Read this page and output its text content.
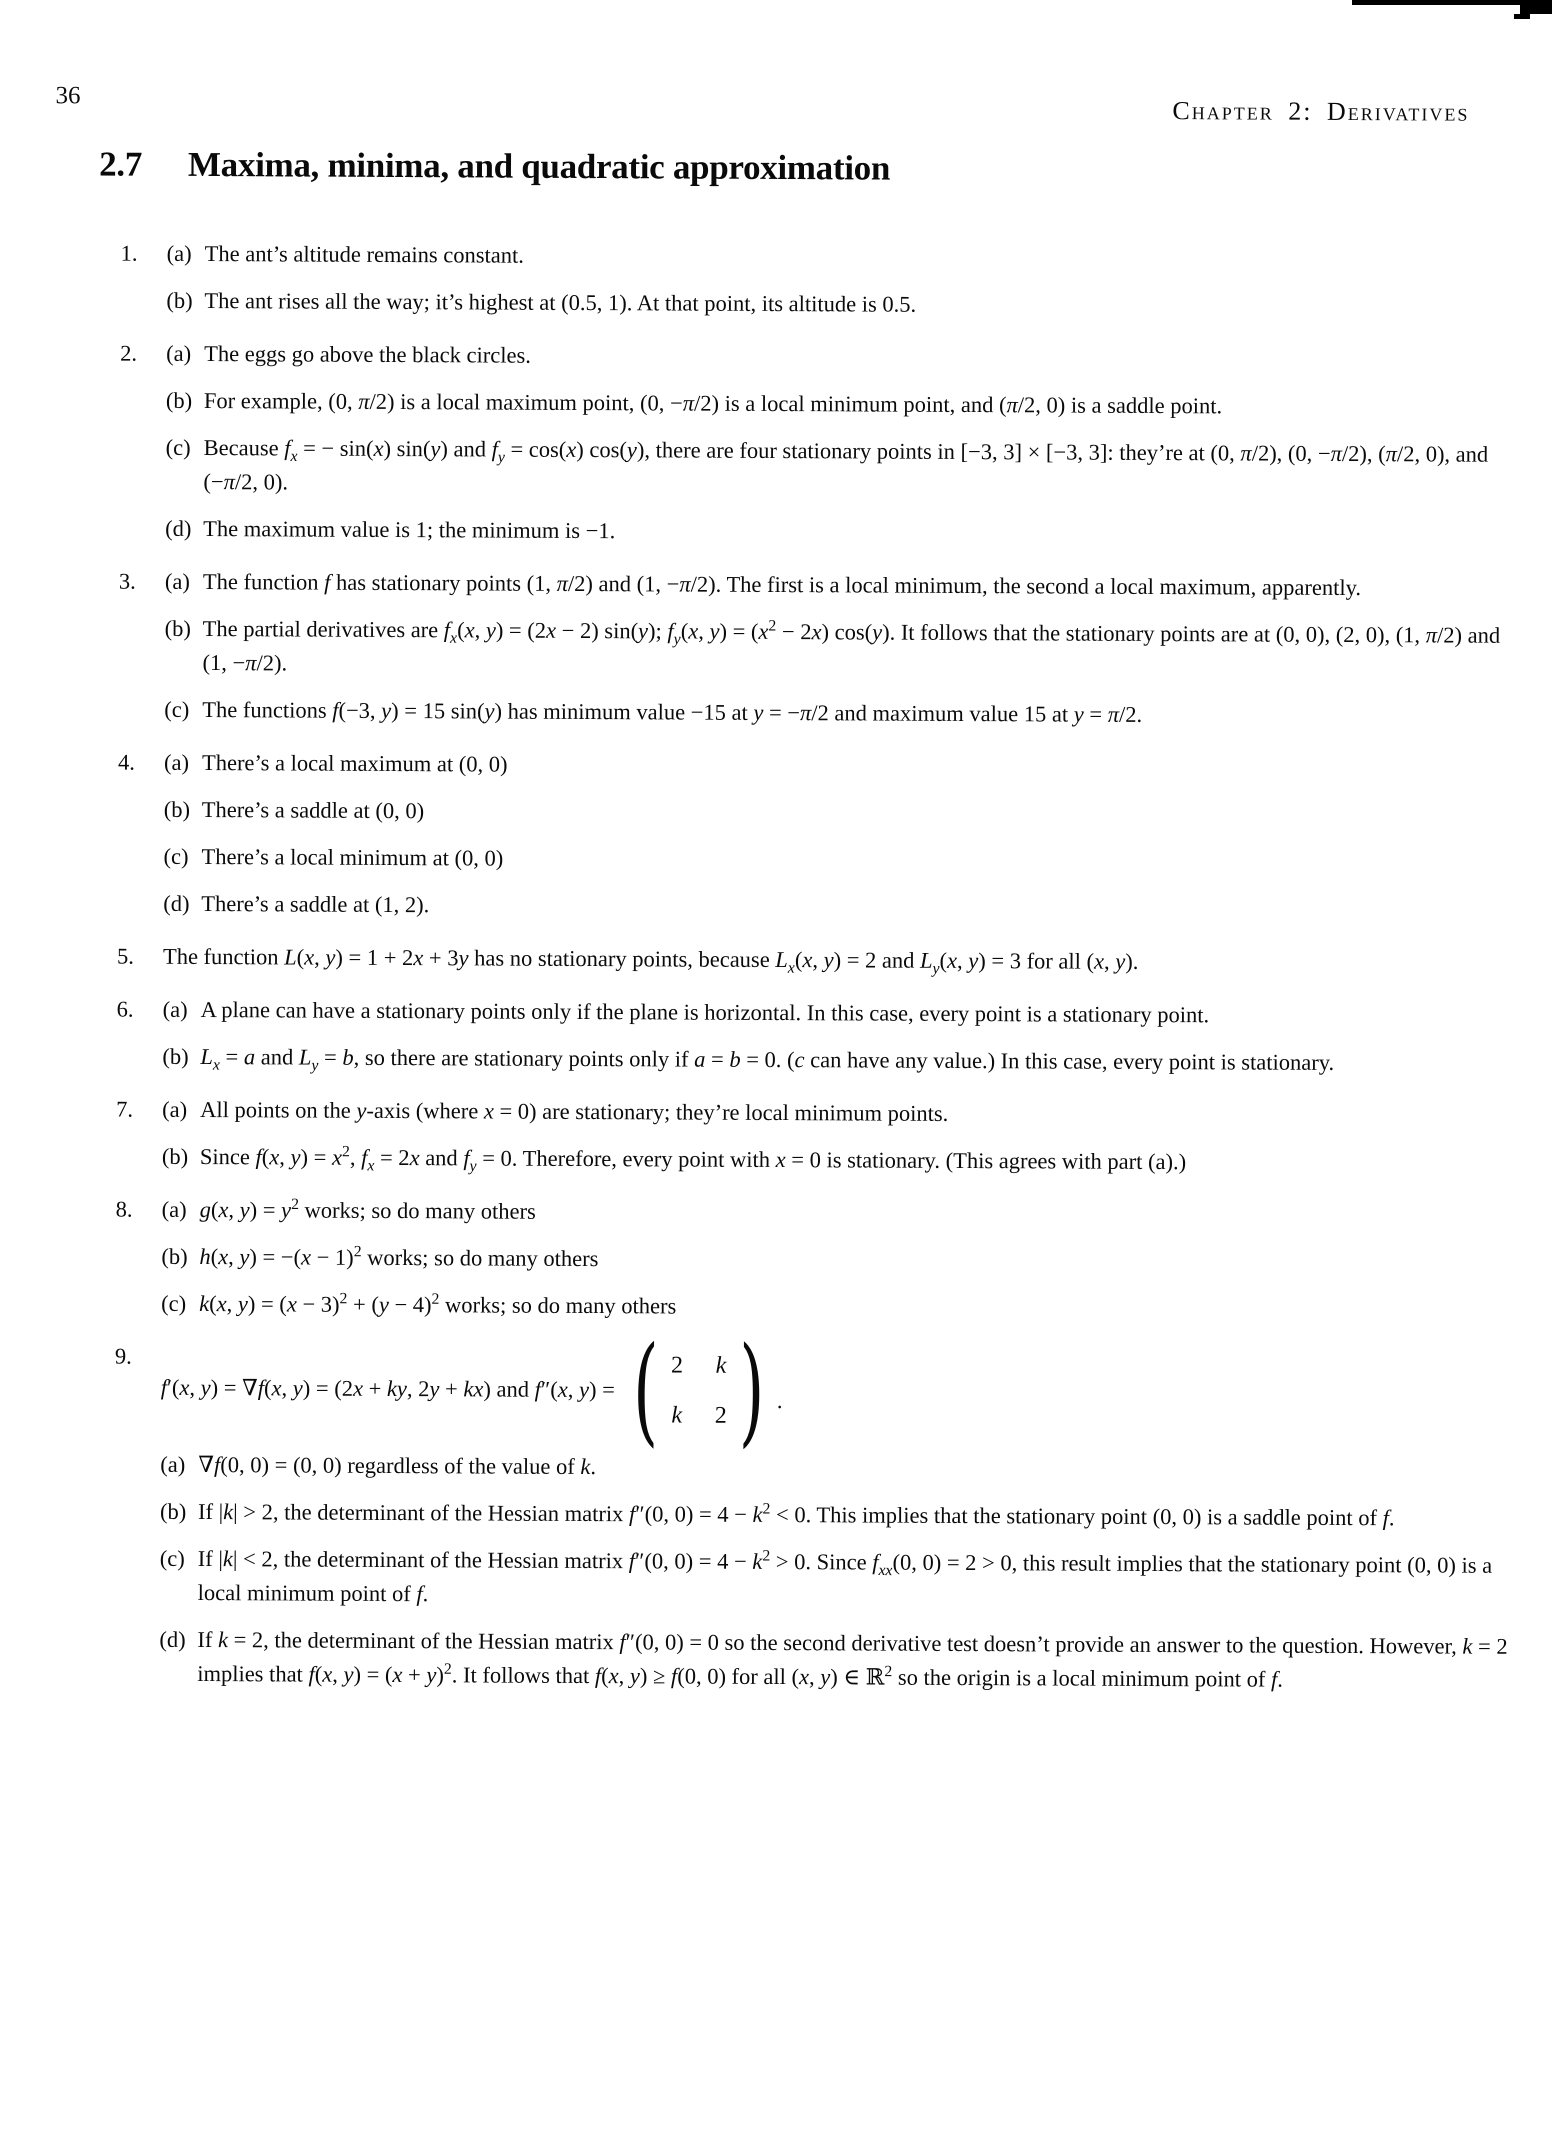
36
Chapter 2: Derivatives
2.7 Maxima, minima, and quadratic approximation
1.	(a) The ant’s altitude remains constant.
(b) The ant rises all the way; it’s highest at (0.5, 1). At that point, its altitude is 0.5.
2.	(a) The eggs go above the black circles.
(b) For example, (0, π/2) is a local maximum point, (0, −π/2) is a local minimum point, and (π/2, 0) is a saddle point.
(c) Because $f_x$ = − sin(x) sin(y) and $f_y = \cos(x)$ cos(y), there are four stationary points in [−3, 3] × [−3, 3]: they’re at (0, π/2), (0, −π/2), (π/2, 0), and (−π/2, 0).
(d) The maximum value is 1; the minimum is −1.
3.	(a) The function f has stationary points (1, π/2) and (1, −π/2). The first is a local minimum, the second a local maximum, apparently.
(b) The partial derivatives are $f_x(x$, y) = (2x − 2) sin(y); $f_y(x$, $y) = (x^2 - 2x)$ cos(y). It follows that the stationary points are at (0, 0), (2, 0), (1, π/2) and (1, −π/2).
(c) The functions f(−3, y) = 15 sin(y) has minimum value −15 at y = −π/2 and maximum value 15 at y = π/2.
4.	(a) There’s a local maximum at (0, 0)
(b) There’s a saddle at (0, 0)
(c) There’s a local minimum at (0, 0)
(d) There’s a saddle at (1, 2).
5.	The function L(x, y) = 1 + 2x + 3y has no stationary points, because $L_x(x$, y) = 2 and $L_y(x$, y) = 3 for all (x, y).
6.	(a) A plane can have a stationary points only if the plane is horizontal. In this case, every point is a stationary point.
(b) $L_x = a$ and $L_y = b$, so there are stationary points only if a = b = 0. (c can have any value.) In this case, every point is stationary.
7.	(a) All points on the y-axis (where x = 0) are stationary; they’re local minimum points.
(b) Since f(x, $y) = x^2$, $f_x = 2x$ and $f_y = 0$. Therefore, every point with x = 0 is stationary. (This agrees with part (a).)
8.	(a) g(x, $y) = y^2$ works; so do many others
(b) h(x, $y) = -(x - 1)^2$ works; so do many others
(c) k(x, $y) = (x - 3)^2 + (y - 4)^2$ works; so do many others
9.
f′(x, y) = ∇f(x, y) = (2x + ky, 2y + kx) and f″(x, y) = ( 2 k
k 2 ) .
(a) ∇f(0, 0) = (0, 0) regardless of the value of k.
(b) If |k| > 2, the determinant of the Hessian matrix f″(0, $0) = 4 - k^2 < 0$. This implies that the stationary point (0, 0) is a saddle point of f.
(c) If |k| < 2, the determinant of the Hessian matrix f″(0, $0) = 4 - k^2 > 0$. Since $f_{xx}(0$, 0) = 2 > 0, this result implies that the stationary point (0, 0) is a local minimum point of f.
(d) If k = 2, the determinant of the Hessian matrix f″(0, 0) = 0 so the second derivative test doesn’t provide an answer to the question. However, k = 2 implies that f(x, $y) = (x + y)^2$. It follows that f(x, y) ≥ f(0, 0) for all (x, y) ∈ ℝ$^2$ so the origin is a local minimum point of f.
